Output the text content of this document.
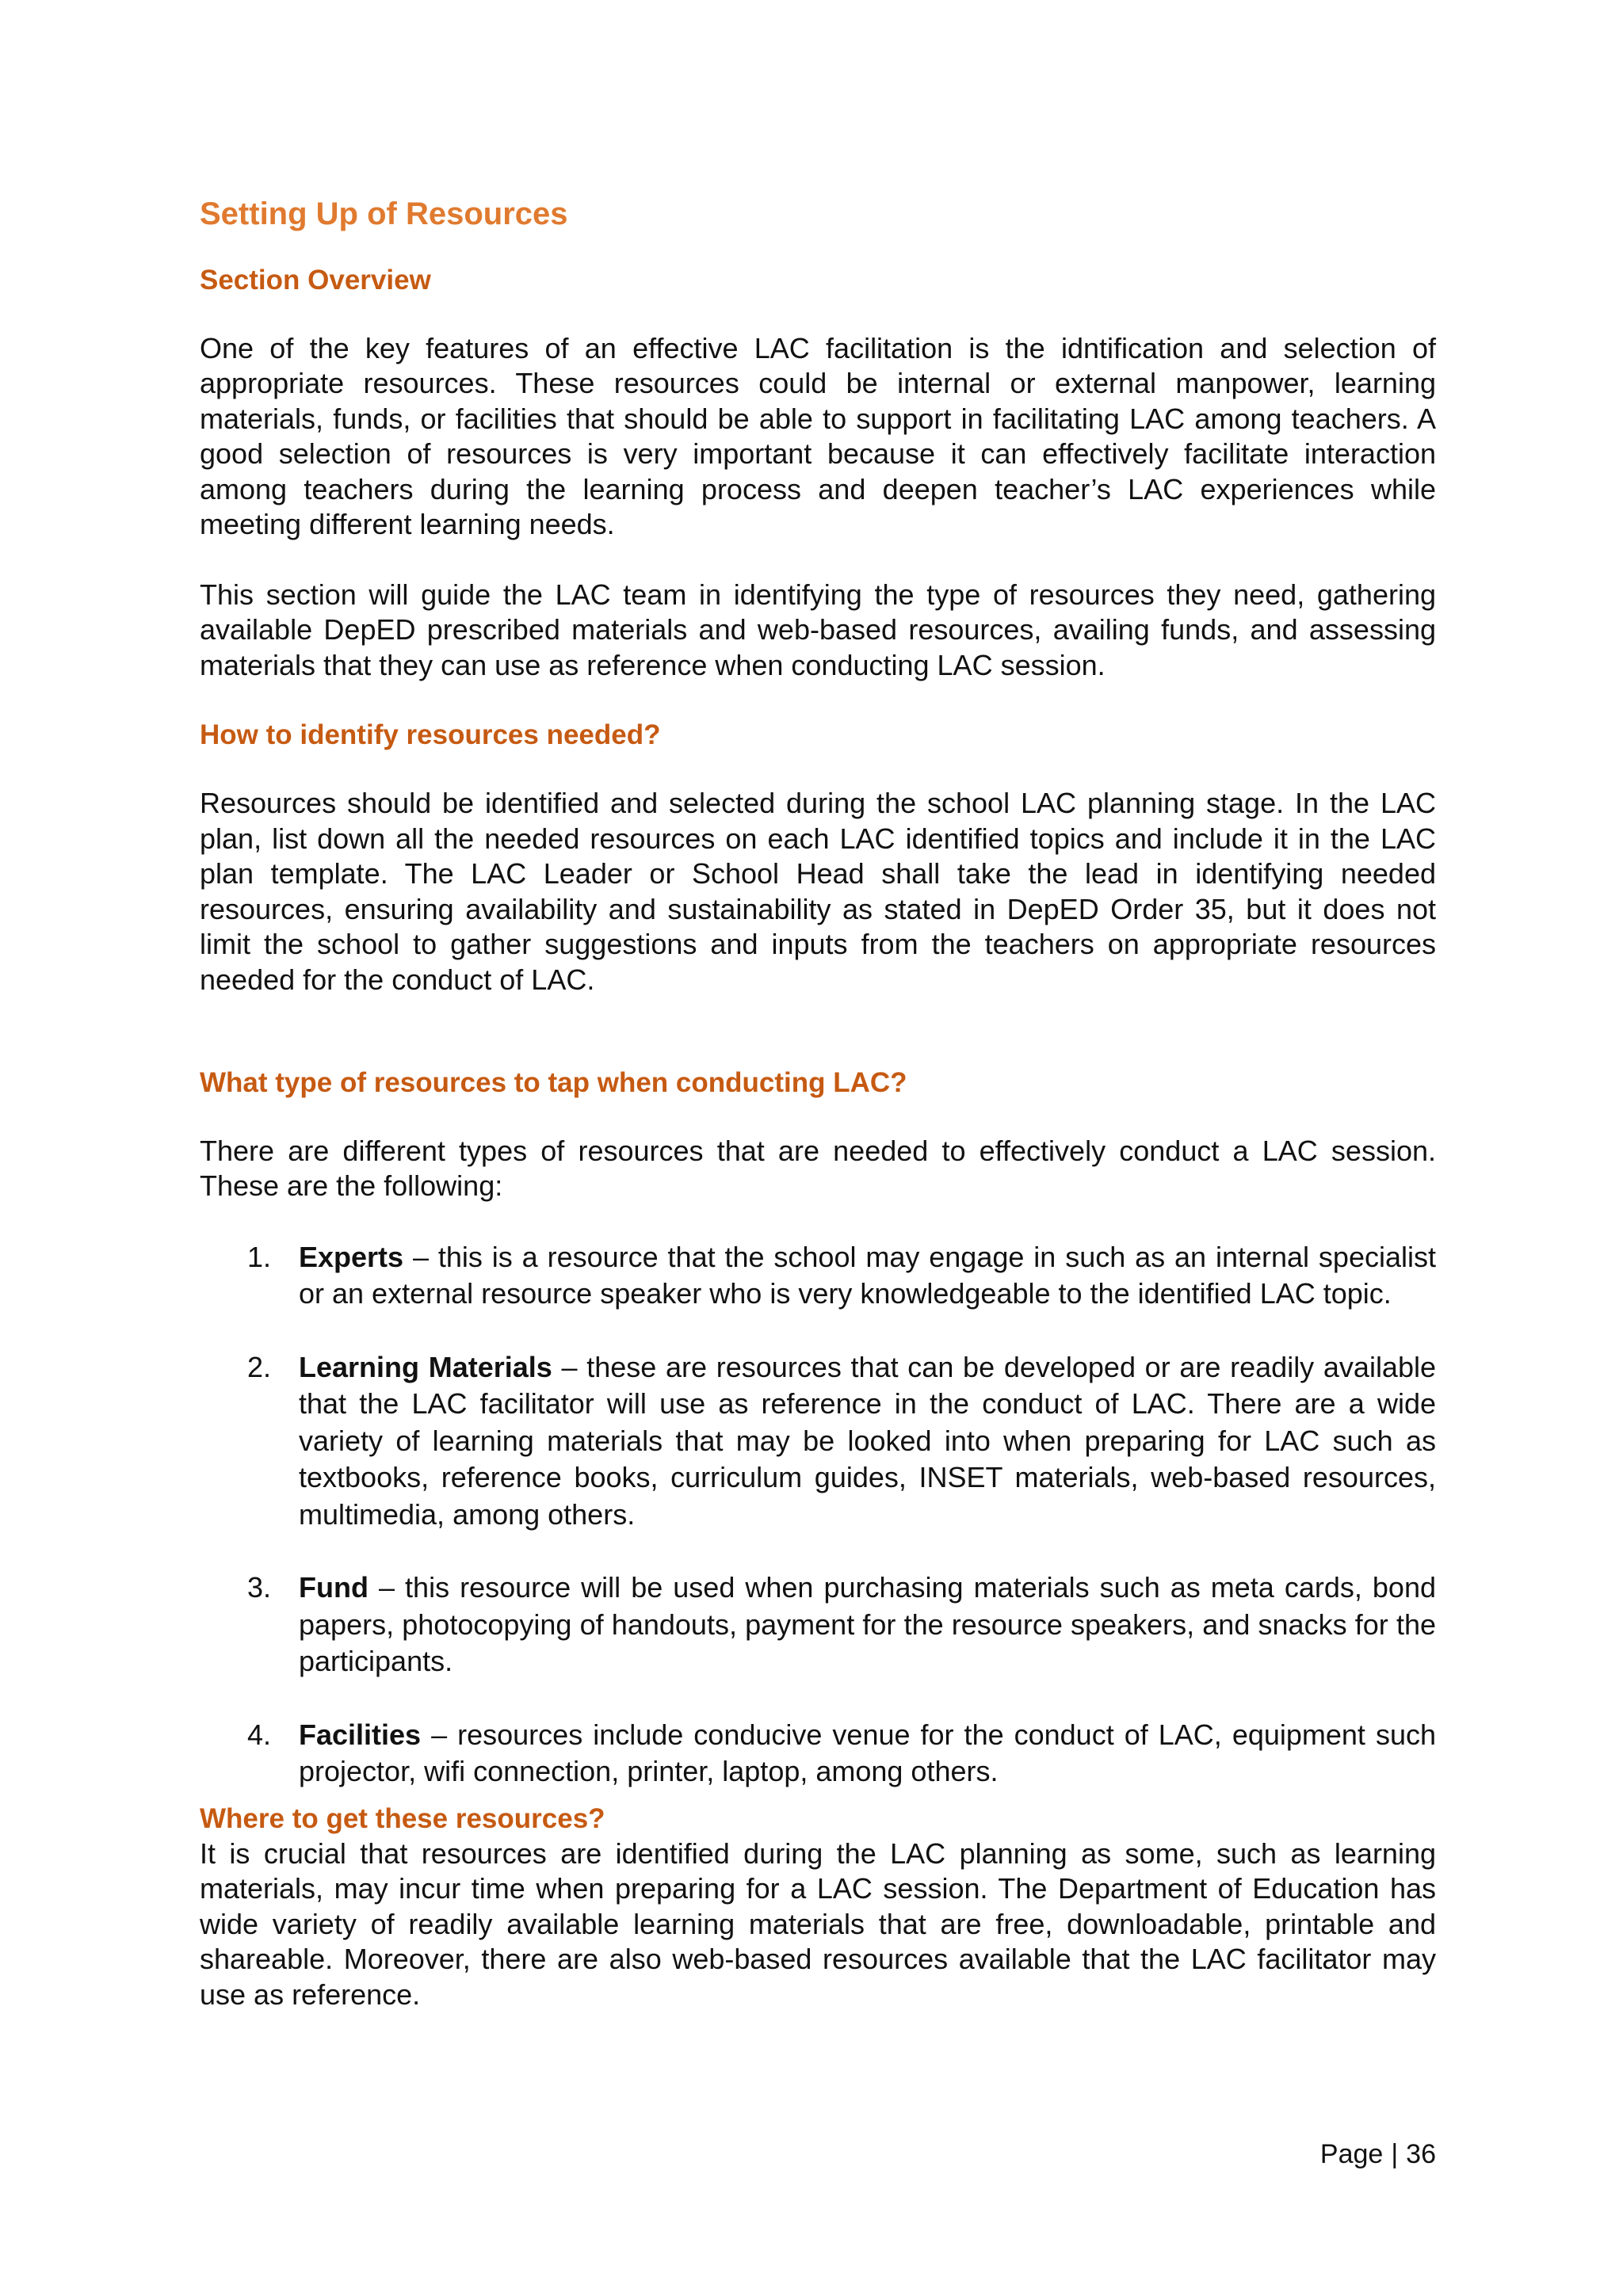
Setting Up of Resources
Section Overview

One of the key features of an effective LAC facilitation is the idntification and selection of appropriate resources. These resources could be internal or external manpower, learning materials, funds, or facilities that should be able to support in facilitating LAC among teachers. A good selection of resources is very important because it can effectively facilitate interaction among teachers during the learning process and deepen teacher’s LAC experiences while meeting different learning needs.

This section will guide the LAC team in identifying the type of resources they need, gathering available DepED prescribed materials and web-based resources, availing funds, and assessing materials that they can use as reference when conducting LAC session.

How to identify resources needed?

Resources should be identified and selected during the school LAC planning stage. In the LAC plan, list down all the needed resources on each LAC identified topics and include it in the LAC plan template. The LAC Leader or School Head shall take the lead in identifying needed resources, ensuring availability and sustainability as stated in DepED Order 35, but it does not limit the school to gather suggestions and inputs from the teachers on appropriate resources needed for the conduct of LAC.

What type of resources to tap when conducting LAC?

There are different types of resources that are needed to effectively conduct a LAC session. These are the following:

1. Experts – this is a resource that the school may engage in such as an internal specialist or an external resource speaker who is very knowledgeable to the identified LAC topic.
2. Learning Materials – these are resources that can be developed or are readily available that the LAC facilitator will use as reference in the conduct of LAC. There are a wide variety of learning materials that may be looked into when preparing for LAC such as textbooks, reference books, curriculum guides, INSET materials, web-based resources, multimedia, among others.
3. Fund – this resource will be used when purchasing materials such as meta cards, bond papers, photocopying of handouts, payment for the resource speakers, and snacks for the participants.
4. Facilities – resources include conducive venue for the conduct of LAC, equipment such projector, wifi connection, printer, laptop, among others.
Where to get these resources?

It is crucial that resources are identified during the LAC planning as some, such as learning materials, may incur time when preparing for a LAC session. The Department of Education has wide variety of readily available learning materials that are free, downloadable, printable and shareable. Moreover, there are also web-based resources available that the LAC facilitator may use as reference.

Page | 36
